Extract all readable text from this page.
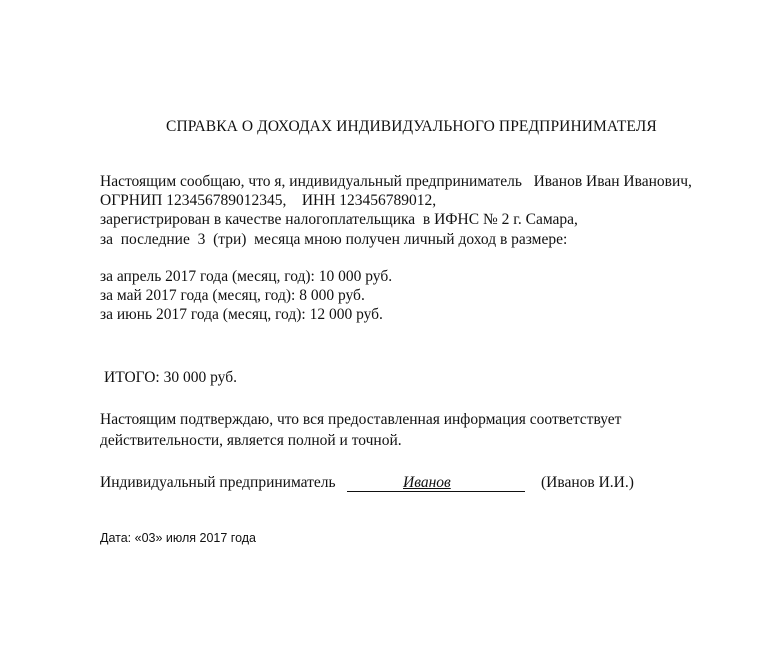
СПРАВКА О ДОХОДАХ ИНДИВИДУАЛЬНОГО ПРЕДПРИНИМАТЕЛЯ
Настоящим сообщаю, что я, индивидуальный предприниматель   Иванов Иван Иванович,
ОГРНИП 123456789012345,    ИНН 123456789012,
зарегистрирован в качестве налогоплательщика  в ИФНС № 2 г. Самара,
за  последние  3  (три)  месяца мною получен личный доход в размере:
за апрель 2017 года (месяц, год): 10 000 руб.
за май 2017 года (месяц, год): 8 000 руб.
за июнь 2017 года (месяц, год): 12 000 руб.
ИТОГО: 30 000 руб.
Настоящим подтверждаю, что вся предоставленная информация соответствует
действительности, является полной и точной.
Индивидуальный предприниматель

	Иванов

	(Иванов И.И.)
Дата: «03» июля 2017 года
